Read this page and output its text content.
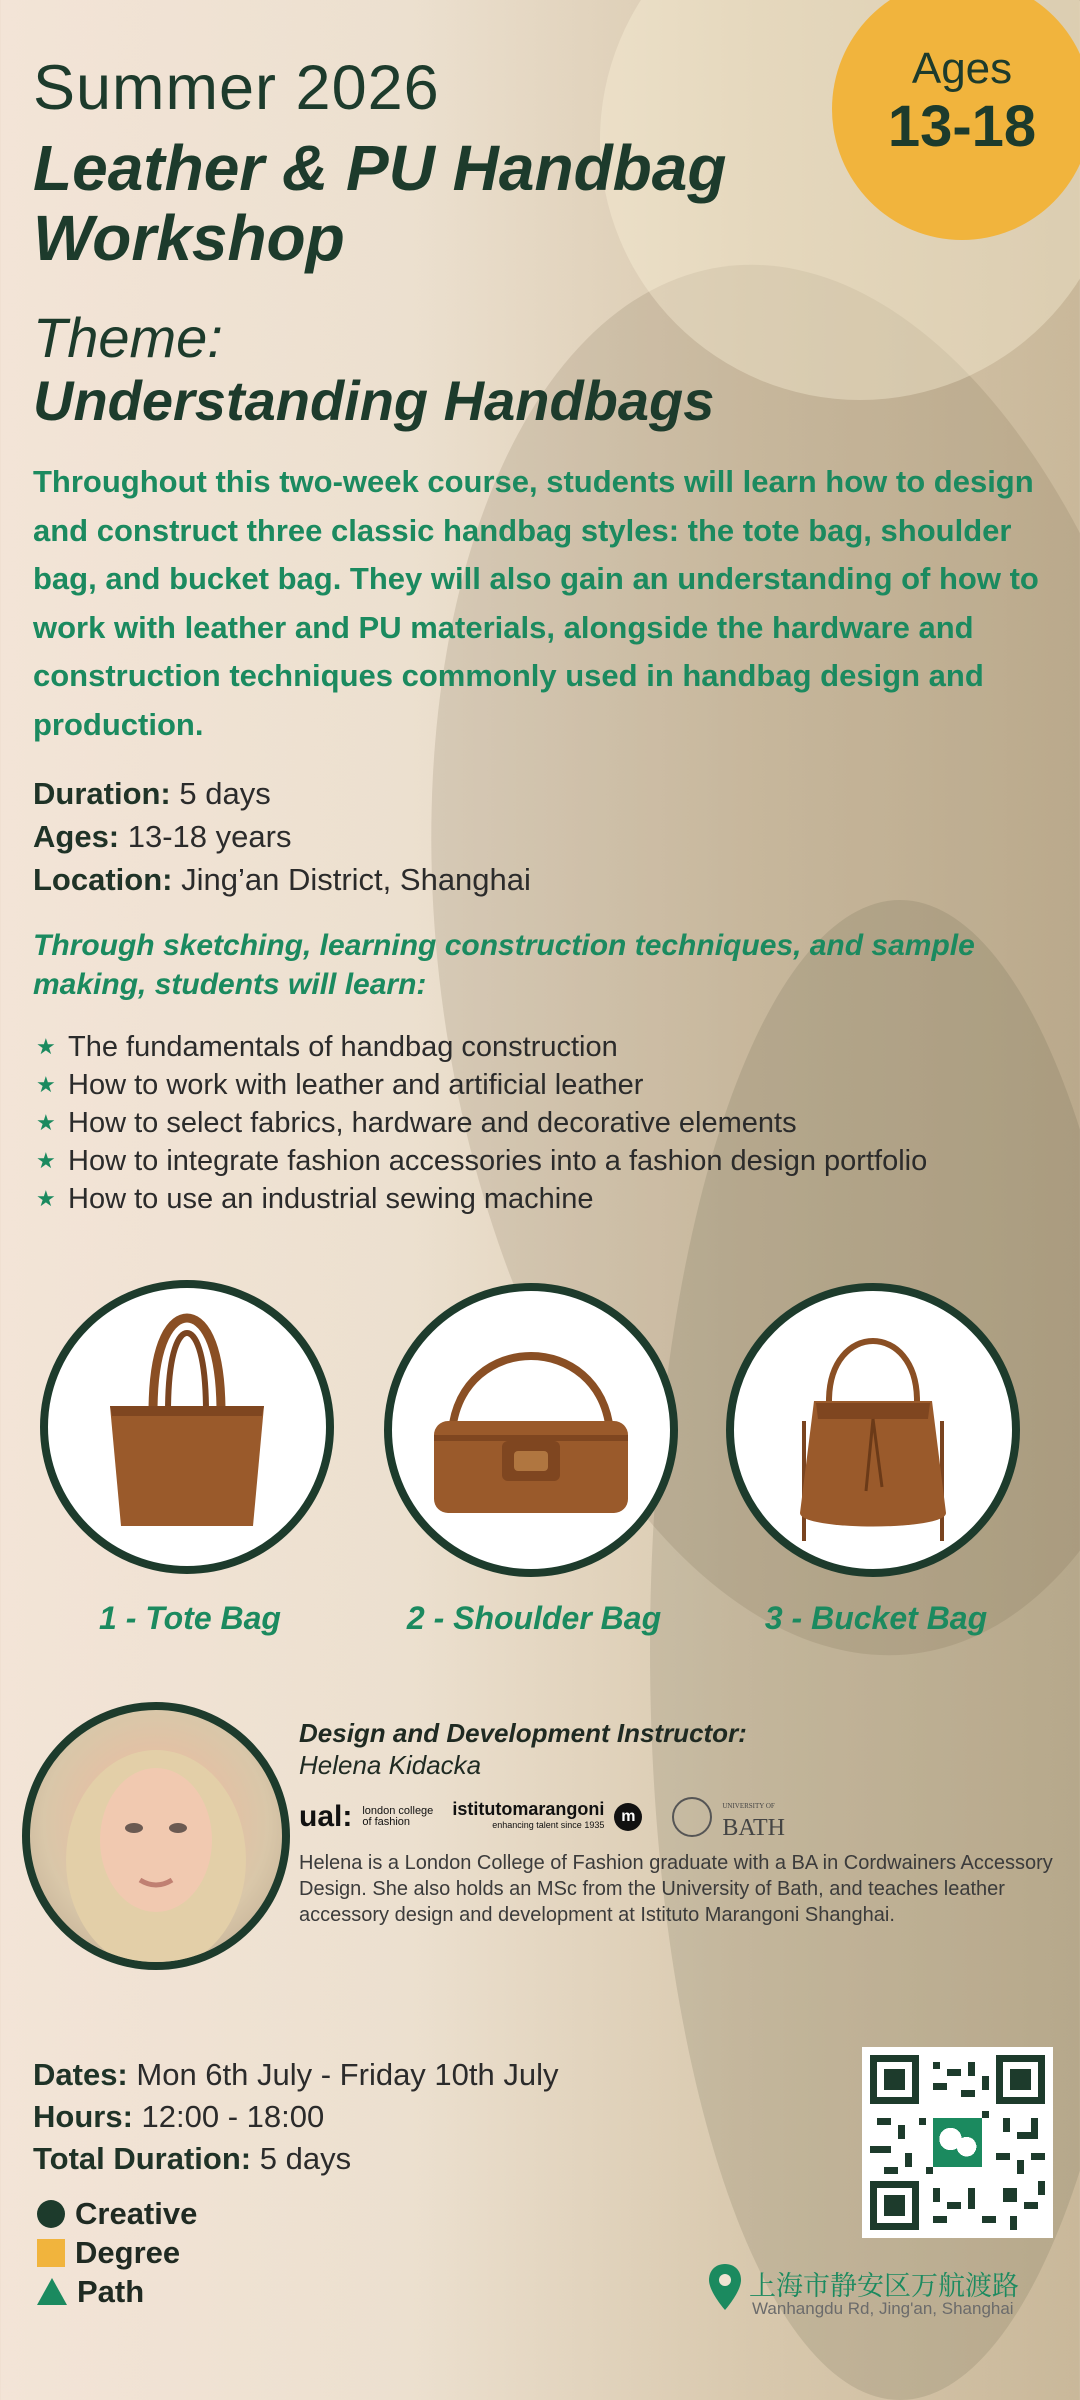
Summer 2026
Leather & PU Handbag Workshop
Theme:
Understanding Handbags
Ages
13-18
Throughout this two-week course, students will learn how to design and construct three classic handbag styles: the tote bag, shoulder bag, and bucket bag. They will also gain an understanding of how to work with leather and PU materials, alongside the hardware and construction techniques commonly used in handbag design and production.
Duration: 5 days
Ages: 13-18 years
Location: Jing’an District, Shanghai
Through sketching, learning construction techniques, and sample making, students will learn:
★ The fundamentals of handbag construction
★ How to work with leather and artificial leather
★ How to select fabrics, hardware and decorative elements
★ How to integrate fashion accessories into a fashion design portfolio
★ How to use an industrial sewing machine
1 - Tote Bag	2 - Shoulder Bag	3 - Bucket Bag
Design and Development Instructor:
Helena Kidacka
ual: london college of fashion
istitutomarangoni
enhancing talent since 1935	m
UNIVERSITY OF
BATH
Helena is a London College of Fashion graduate with a BA in Cordwainers Accessory Design. She also holds an MSc from the University of Bath, and teaches leather accessory design and development at Istituto Marangoni Shanghai.
Dates: Mon 6th July - Friday 10th July
Hours: 12:00 - 18:00
Total Duration: 5 days
Creative
Degree
Path	上海市静安区万航渡路
Wanhangdu Rd, Jing'an, Shanghai
